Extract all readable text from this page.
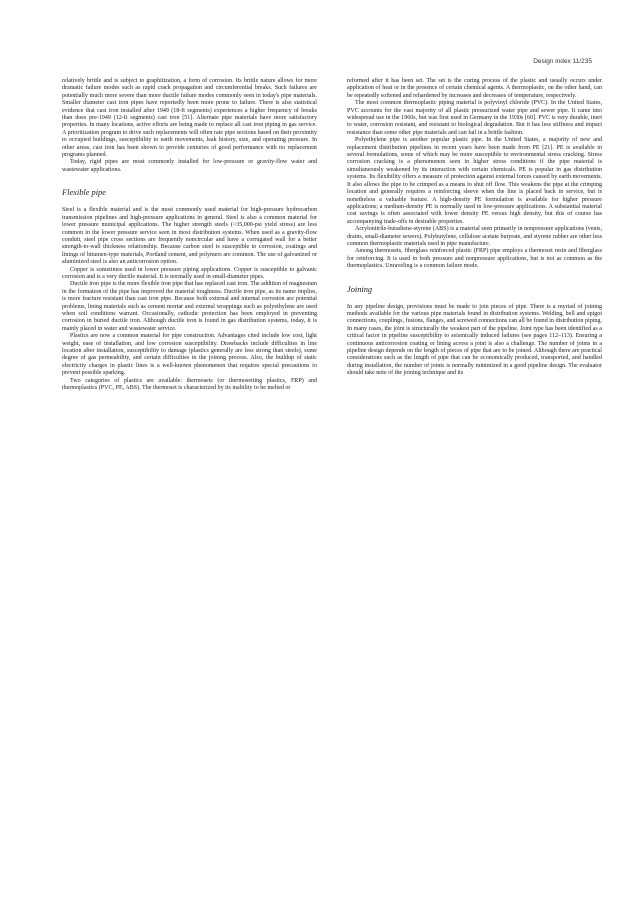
Design index 11/235

relatively brittle and is subject to graphitization, a form of corrosion. Its brittle nature allows for more dramatic failure modes such as rapid crack propagation and circumferential breaks. Such failures are potentially much more severe than more ductile failure modes commonly seen in today's pipe materials. Smaller diameter cast iron pipes have reportedly been more prone to failure. There is also statistical evidence that cast iron installed after 1949 (18-ft segments) experiences a higher frequency of breaks than does pre-1949 (12-ft segments) cast iron [51]. Alternate pipe materials have more satisfactory properties. In many locations, active efforts are being made to replace all cast iron piping in gas service. A prioritization program to drive such replacements will often rate pipe sections based on their proximity to occupied buildings, susceptibility to earth movements, leak history, size, and operating pressure. In other areas, cast iron has been shown to provide centuries of good performance with no replacement programs planned.

Today, rigid pipes are most commonly installed for low-pressure or gravity-flow water and wastewater applications.

Flexible pipe

Steel is a flexible material and is the most commonly used material for high-pressure hydrocarbon transmission pipelines and high-pressure applications in general. Steel is also a common material for lower pressure municipal applications. The higher strength steels (>35,000-psi yield stress) are less common in the lower pressure service seen in most distribution systems. When used as a gravity-flow conduit, steel pipe cross sections are frequently noncircular and have a corrugated wall for a better strength-to-wall thickness relationship. Because carbon steel is susceptible to corrosion, coatings and linings of bitumen-type materials, Portland cement, and polymers are common. The use of galvanized or aluminized steel is also an anticorrosion option.

Copper is sometimes used in lower pressure piping applications. Copper is susceptible to galvanic corrosion and is a very ductile material. It is normally used in small-diameter pipes.

Ductile iron pipe is the more flexible iron pipe that has replaced cast iron. The addition of magnesium in the formation of the pipe has improved the material toughness. Ductile iron pipe, as its name implies, is more fracture resistant than cast iron pipe. Because both external and internal corrosion are potential problems, lining materials such as cement mortar and external wrappings such as polyethylene are used when soil conditions warrant. Occasionally, cathodic protection has been employed in preventing corrosion in buried ductile iron. Although ductile iron is found in gas distribution systems, today, it is mainly placed in water and wastewater service.

Plastics are now a common material for pipe construction. Advantages cited include low cost, light weight, ease of installation, and low corrosion susceptibility. Drawbacks include difficulties in line location after installation, susceptibility to damage (plastics generally are less strong than steels), some degree of gas permeability, and certain difficulties in the joining process. Also, the buildup of static electricity charges in plastic lines is a well-known phenomenon that requires special precautions to prevent possible sparking.

Two categories of plastics are available: thermosets (or thermosetting plastics, FRP) and thermoplastics (PVC, PE, ABS). The thermoset is characterized by its inability to be melted or

reformed after it has been set. The set is the curing process of the plastic and usually occurs under application of heat or in the presence of certain chemical agents. A thermoplastic, on the other hand, can be repeatedly softened and rehardened by increases and decreases of temperature, respectively.

The most common thermoplastic piping material is polyvinyl chloride (PVC). In the United States, PVC accounts for the vast majority of all plastic pressurized water pipe and sewer pipe. It came into widespread use in the 1960s, but was first used in Germany in the 1930s [60]. PVC is very durable, inert to water, corrosion resistant, and resistant to biological degradation. But it has less stiffness and impact resistance than some other pipe materials and can fail in a brittle fashion.

Polyethylene pipe is another popular plastic pipe. In the United States, a majority of new and replacement distribution pipelines in recent years have been made from PE [21]. PE is available in several formulations, some of which may be more susceptible to environmental stress cracking. Stress corrosion cracking is a phenomenon seen in higher stress conditions if the pipe material is simultaneously weakened by its interaction with certain chemicals. PE is popular in gas distribution systems. Its flexibility offers a measure of protection against external forces caused by earth movements. It also allows the pipe to be crimped as a means to shut off flow. This weakens the pipe at the crimping location and generally requires a reinforcing sleeve when the line is placed back in service, but is nonetheless a valuable feature. A high-density PE formulation is available for higher pressure applications; a medium-density PE is normally used in low-pressure applications. A substantial material cost savings is often associated with lower density PE versus high density, but this of course has accompanying trade-offs in desirable properties.

Acrylonitrile-butadiene-styrene (ABS) is a material seen primarily in nonpressure applications (vents, drains, small-diameter sewers). Polybutylene, cellulose acetate butyrate, and styrene rubber are other less common thermoplastic materials used in pipe manufacture.

Among thermosets, fiberglass reinforced plastic (FRP) pipe employs a thermoset resin and fiberglass for reinforcing. It is used in both pressure and nonpressure applications, but is not as common as the thermoplastics. Unraveling is a common failure mode.

Joining

In any pipeline design, provisions must be made to join pieces of pipe. There is a myriad of joining methods available for the various pipe materials found in distribution systems. Welding, bell and spigot connections, couplings, fusions, flanges, and screwed connections can all be found in distribution piping. In many cases, the joint is structurally the weakest part of the pipeline. Joint type has been identified as a critical factor in pipeline susceptibility to seismically induced failures (see pages 112–113). Ensuring a continuous anticorrosion coating or lining across a joint is also a challenge. The number of joints in a pipeline design depends on the length of pieces of pipe that are to be joined. Although there are practical considerations such as the length of pipe that can be economically produced, transported, and handled during installation, the number of joints is normally minimized in a good pipeline design. The evaluator should take note of the joining technique and its
